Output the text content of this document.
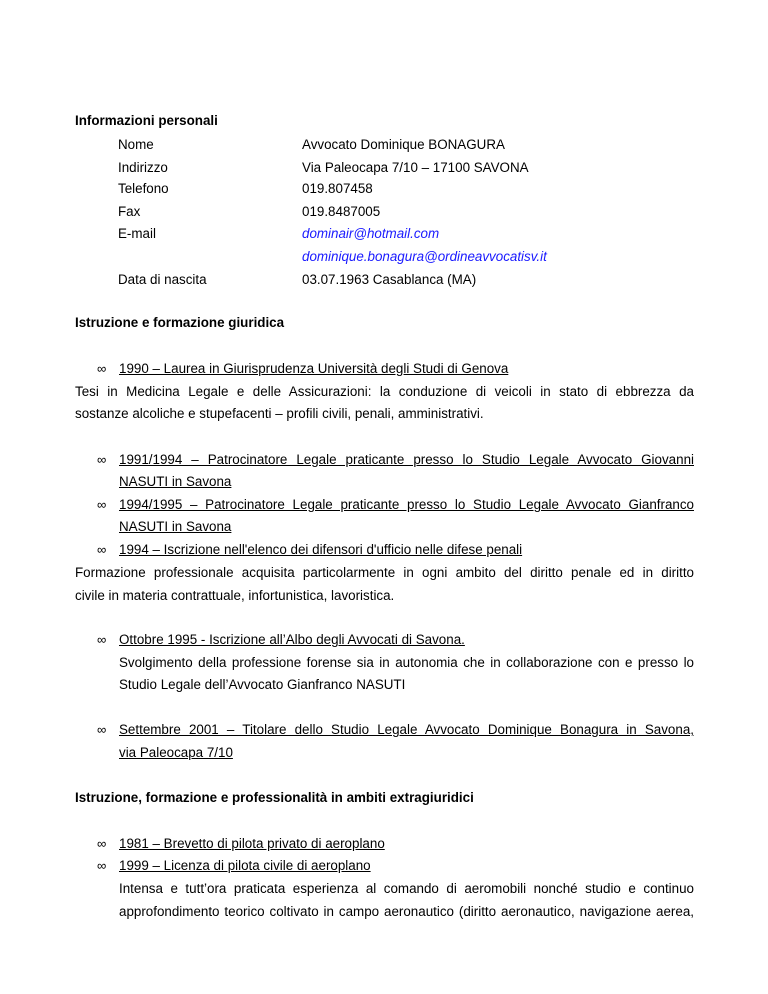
Informazioni personali
Nome	Avvocato Dominique BONAGURA
Indirizzo	Via Paleocapa 7/10 – 17100 SAVONA
Telefono	019.807458
Fax	019.8487005
E-mail	dominair@hotmail.com
dominique.bonagura@ordineavvocatisv.it
Data di nascita	03.07.1963 Casablanca (MA)
Istruzione e formazione giuridica
∞ 1990 – Laurea in Giurisprudenza Università degli Studi di Genova
Tesi in Medicina Legale e delle Assicurazioni: la conduzione di veicoli in stato di ebbrezza da
sostanze alcoliche e stupefacenti – profili civili, penali, amministrativi.
∞ 1991/1994 – Patrocinatore Legale praticante presso lo Studio Legale Avvocato Giovanni
NASUTI in Savona
∞ 1994/1995 – Patrocinatore Legale praticante presso lo Studio Legale Avvocato Gianfranco
NASUTI in Savona
∞ 1994 – Iscrizione nell'elenco dei difensori d'ufficio nelle difese penali
Formazione professionale acquisita particolarmente in ogni ambito del diritto penale ed in diritto
civile in materia contrattuale, infortunistica, lavoristica.
∞ Ottobre 1995 - Iscrizione all’Albo degli Avvocati di Savona.
Svolgimento della professione forense sia in autonomia che in collaborazione con e presso lo
Studio Legale dell’Avvocato Gianfranco NASUTI
∞ Settembre 2001 – Titolare dello Studio Legale Avvocato Dominique Bonagura in Savona,
via Paleocapa 7/10
Istruzione, formazione e professionalità in ambiti extragiuridici
∞ 1981 – Brevetto di pilota privato di aeroplano
∞ 1999 – Licenza di pilota civile di aeroplano
Intensa e tutt’ora praticata esperienza al comando di aeromobili nonché studio e continuo
approfondimento teorico coltivato in campo aeronautico (diritto aeronautico, navigazione aerea,
